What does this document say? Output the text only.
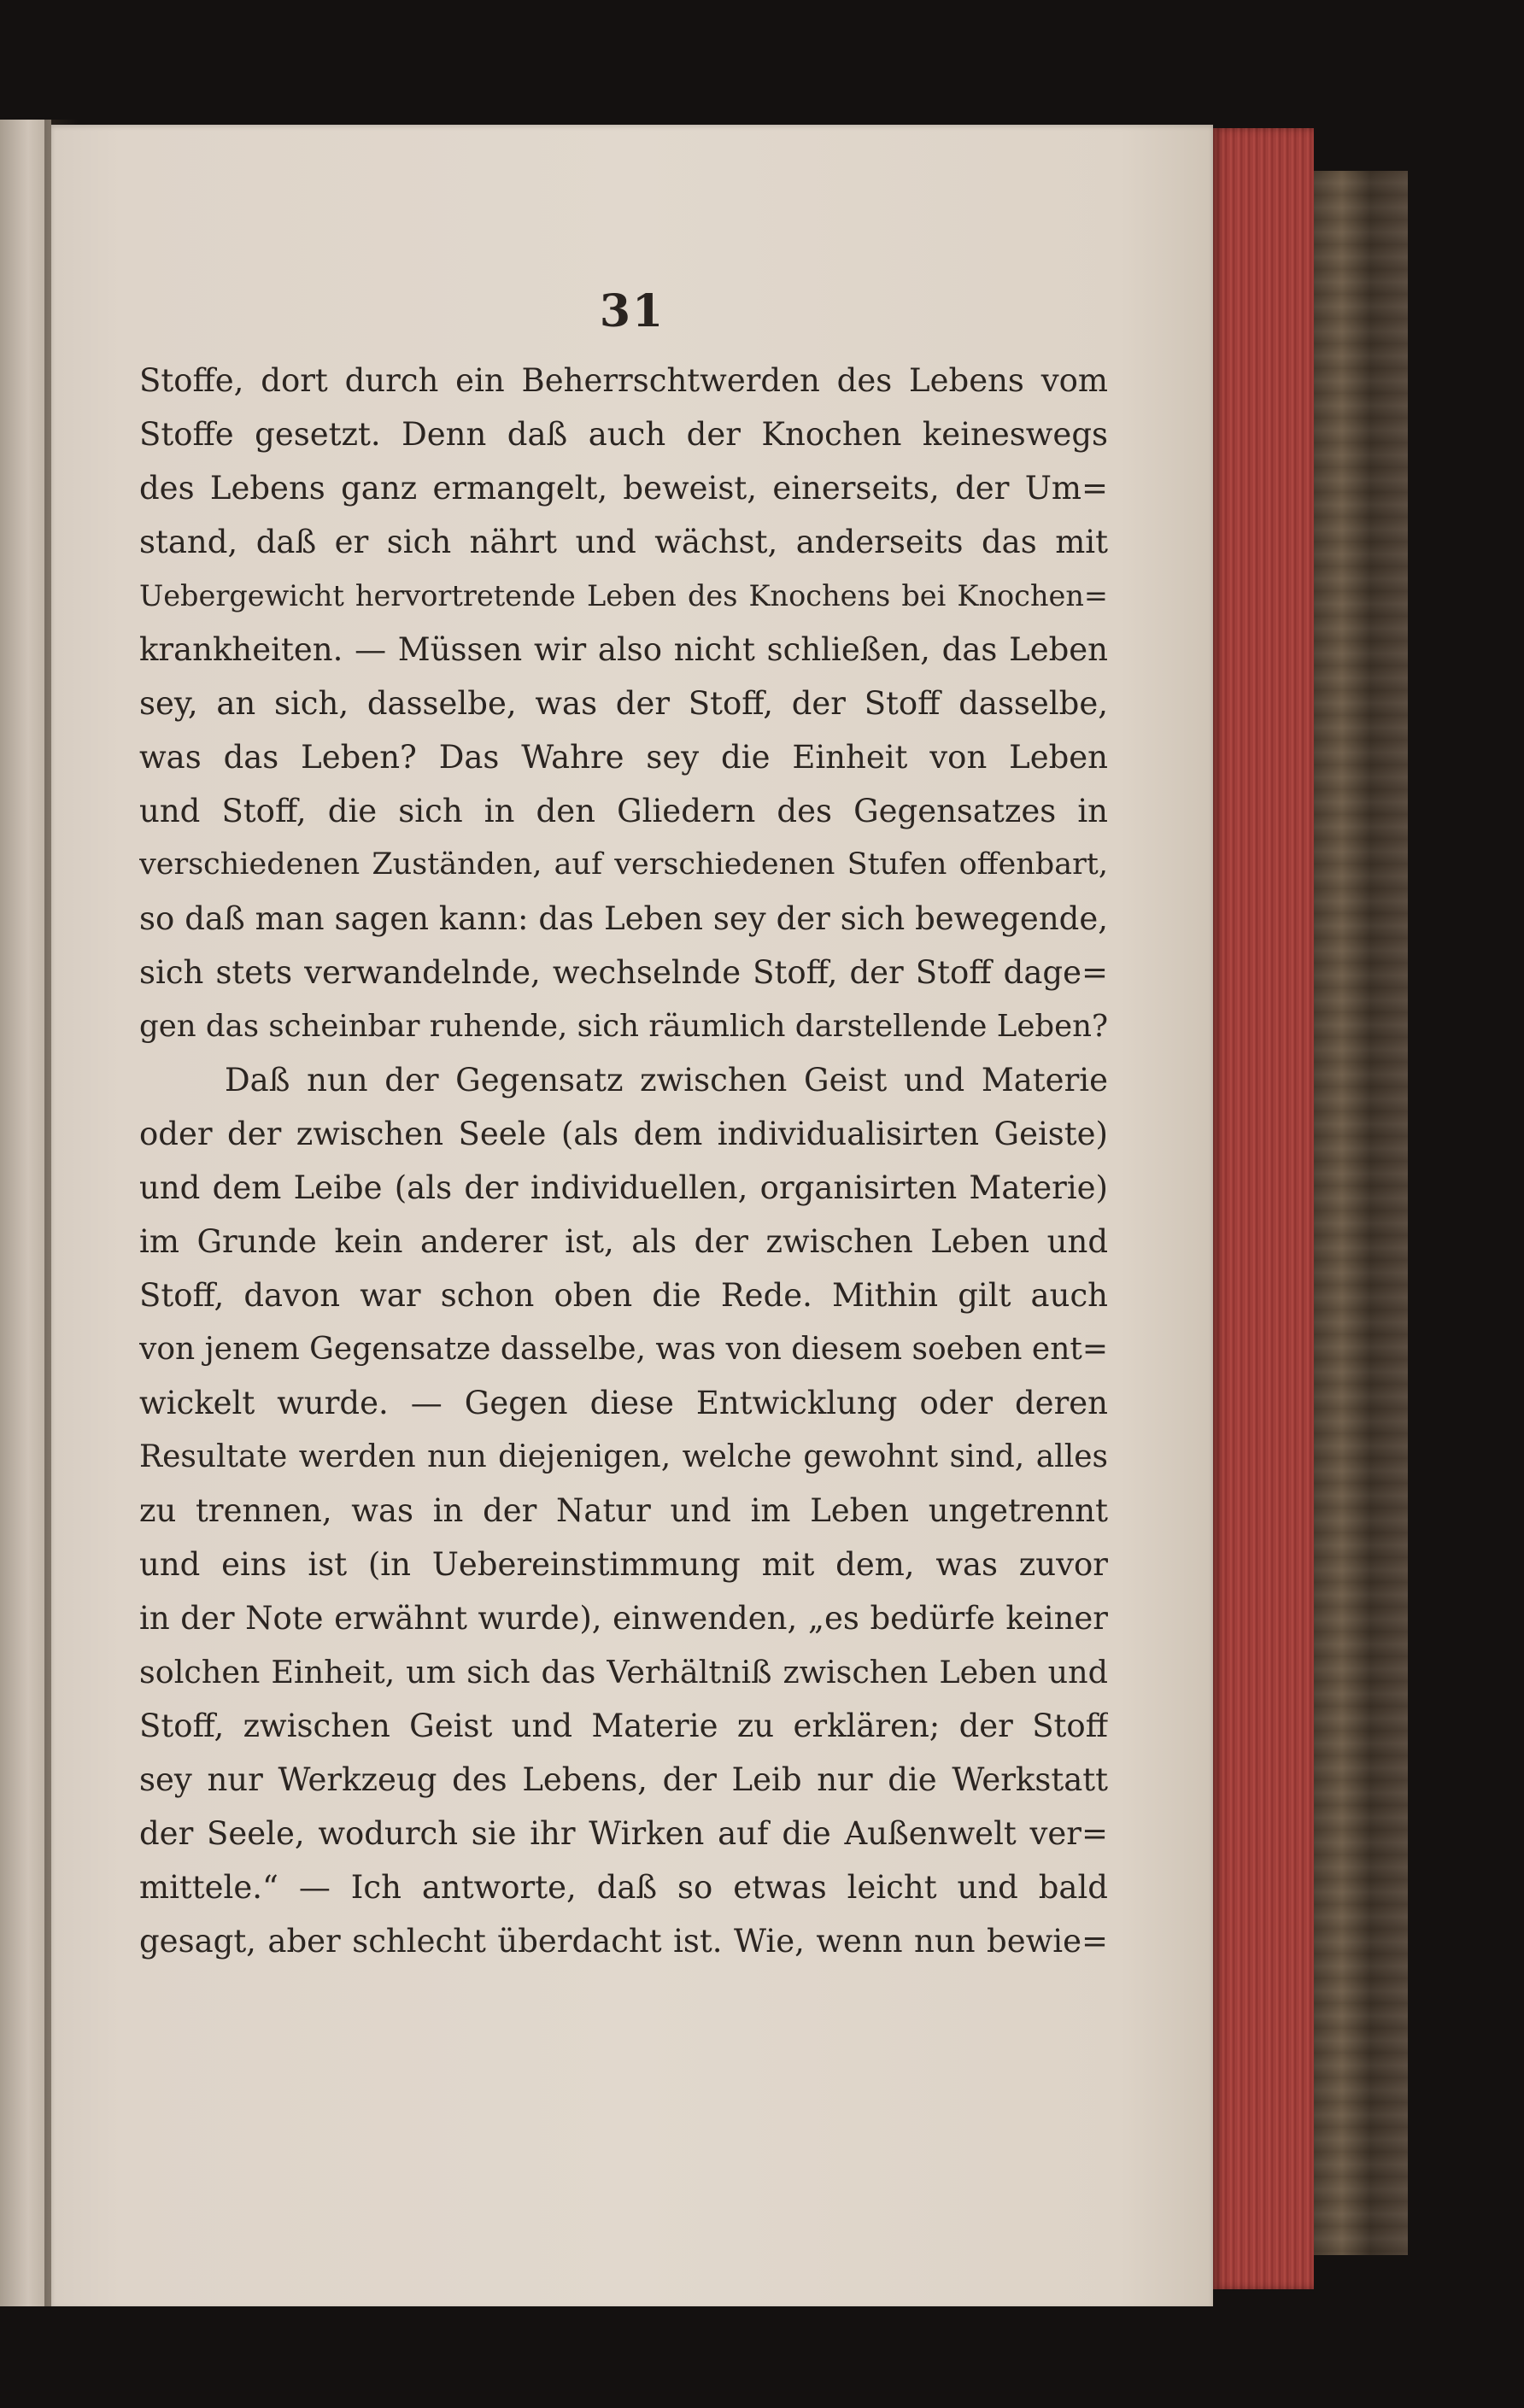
31
Stoffe, dort durch ein Beherrschtwerden des Lebens vom
Stoffe gesetzt. Denn daß auch der Knochen keineswegs
des Lebens ganz ermangelt, beweist, einerseits, der Um=
stand, daß er sich nährt und wächst, anderseits das mit
Uebergewicht hervortretende Leben des Knochens bei Knochen=
krankheiten. — Müssen wir also nicht schließen, das Leben
sey, an sich, dasselbe, was der Stoff, der Stoff dasselbe,
was das Leben? Das Wahre sey die Einheit von Leben
und Stoff, die sich in den Gliedern des Gegensatzes in
verschiedenen Zuständen, auf verschiedenen Stufen offenbart,
so daß man sagen kann: das Leben sey der sich bewegende,
sich stets verwandelnde, wechselnde Stoff, der Stoff dage=
gen das scheinbar ruhende, sich räumlich darstellende Leben?
Daß nun der Gegensatz zwischen Geist und Materie
oder der zwischen Seele (als dem individualisirten Geiste)
und dem Leibe (als der individuellen, organisirten Materie)
im Grunde kein anderer ist, als der zwischen Leben und
Stoff, davon war schon oben die Rede. Mithin gilt auch
von jenem Gegensatze dasselbe, was von diesem soeben ent=
wickelt wurde. — Gegen diese Entwicklung oder deren
Resultate werden nun diejenigen, welche gewohnt sind, alles
zu trennen, was in der Natur und im Leben ungetrennt
und eins ist (in Uebereinstimmung mit dem, was zuvor
in der Note erwähnt wurde), einwenden, „es bedürfe keiner
solchen Einheit, um sich das Verhältniß zwischen Leben und
Stoff, zwischen Geist und Materie zu erklären; der Stoff
sey nur Werkzeug des Lebens, der Leib nur die Werkstatt
der Seele, wodurch sie ihr Wirken auf die Außenwelt ver=
mittele.“ — Ich antworte, daß so etwas leicht und bald
gesagt, aber schlecht überdacht ist. Wie, wenn nun bewie=
